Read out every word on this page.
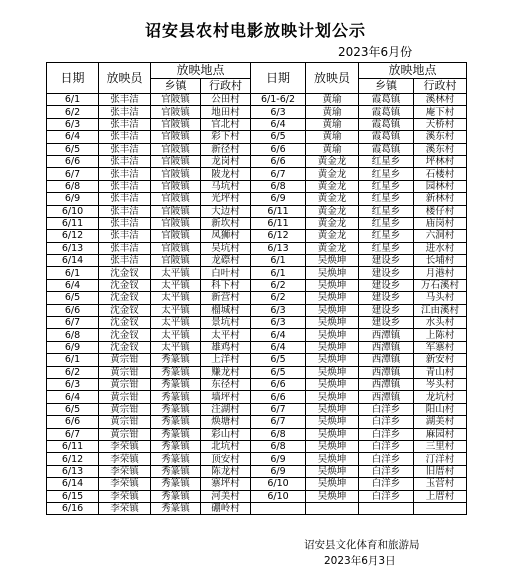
诏安县农村电影放映计划公示
2023年6月份
日期	放映员	放映地点		日期	放映员	放映地点	
		乡镇	行政村			乡镇	行政村
6/1	张丰洁	官陂镇	公田村	6/1-6/2	黄瑜	霞葛镇	溪林村
6/2	张丰洁	官陂镇	地田村	6/3	黄瑜	霞葛镇	庵下村
6/3	张丰洁	官陂镇	官北村	6/4	黄瑜	霞葛镇	天桥村
6/4	张丰洁	官陂镇	彩下村	6/5	黄瑜	霞葛镇	溪东村
6/5	张丰洁	官陂镇	新径村	6/6	黄瑜	霞葛镇	溪东村
6/6	张丰洁	官陂镇	龙岗村	6/6	黄金龙	红星乡	坪林村
6/7	张丰洁	官陂镇	陂龙村	6/7	黄金龙	红星乡	石楼村
6/8	张丰洁	官陂镇	马坑村	6/8	黄金龙	红星乡	园林村
6/9	张丰洁	官陂镇	光坪村	6/9	黄金龙	红星乡	新林村
6/10	张丰洁	官陂镇	大边村	6/11	黄金龙	红星乡	楼仔村
6/11	张丰洁	官陂镇	新坎村	6/11	黄金龙	红星乡	庙岗村
6/12	张丰洁	官陂镇	凤狮村	6/12	黄金龙	红星乡	六洞村
6/13	张丰洁	官陂镇	吴坑村	6/13	黄金龙	红星乡	进水村
6/14	张丰洁	官陂镇	龙磜村	6/1	吴焕坤	建设乡	长埔村
6/1	沈金钗	太平镇	白叶村	6/1	吴焕坤	建设乡	月港村
6/4	沈金钗	太平镇	科下村	6/2	吴焕坤	建设乡	万石溪村
6/5	沈金钗	太平镇	新营村	6/2	吴焕坤	建设乡	马头村
6/6	沈金钗	太平镇	榴城村	6/3	吴焕坤	建设乡	江由溪村
6/7	沈金钗	太平镇	景坑村	6/3	吴焕坤	建设乡	水头村
6/8	沈金钗	太平镇	太平村	6/4	吴焕坤	西潭镇	上陈村
6/9	沈金钗	太平镇	雄鸡村	6/4	吴焕坤	西潭镇	军寨村
6/1	黄宗钳	秀篆镇	上洋村	6/5	吴焕坤	西潭镇	新安村
6/2	黄宗钳	秀篆镇	赚龙村	6/5	吴焕坤	西潭镇	青山村
6/3	黄宗钳	秀篆镇	东径村	6/6	吴焕坤	西潭镇	岑头村
6/4	黄宗钳	秀篆镇	墙坪村	6/6	吴焕坤	西潭镇	龙坑村
6/5	黄宗钳	秀篆镇	注湖村	6/7	吴焕坤	白洋乡	阳山村
6/6	黄宗钳	秀篆镇	焕塘村	6/7	吴焕坤	白洋乡	湖美村
6/7	黄宗钳	秀篆镇	彩山村	6/8	吴焕坤	白洋乡	麻园村
6/11	李荣镇	秀篆镇	北坑村	6/8	吴焕坤	白洋乡	三里村
6/12	李荣镇	秀篆镇	顶安村	6/9	吴焕坤	白洋乡	汀洋村
6/13	李荣镇	秀篆镇	陈龙村	6/9	吴焕坤	白洋乡	旧厝村
6/14	李荣镇	秀篆镇	寨坪村	6/10	吴焕坤	白洋乡	玉营村
6/15	李荣镇	秀篆镇	河美村	6/10	吴焕坤	白洋乡	上厝村
6/16	李荣镇	秀篆镇	硼岭村				
诏安县文化体育和旅游局
2023年6月3日
